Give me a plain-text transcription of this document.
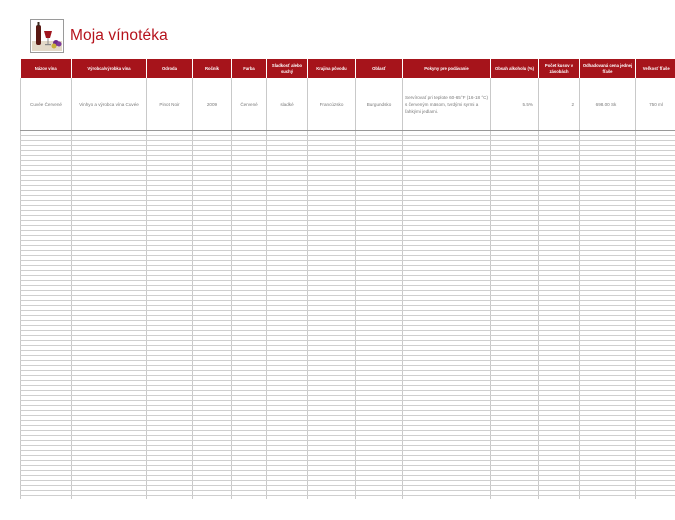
Moja vínotéka
Názov vína	Výrobca/výrobka vína	Odroda	Ročník	Farba	Sladkosť alebo suchý	Krajina pôvodu	Oblasť	Pokyny pre podávanie	Obsah alkoholu (%)	Počet kusov v zásobách	Odhadovaná cena jednej fľaše	Veľkosť fľaše
Cuvée Červené	Vinhyo a výrobca vína Cuvée	Pinot Noir	2009	Červené	sladké	Francúzsko	Burgundsko	Servírovať pri teplote 60-65°F (16-18 °C) s červeným mäsom, tvrdými syrmi a ľahkými jedlami.	5.5%	2	698.00 Sk	750 ml
